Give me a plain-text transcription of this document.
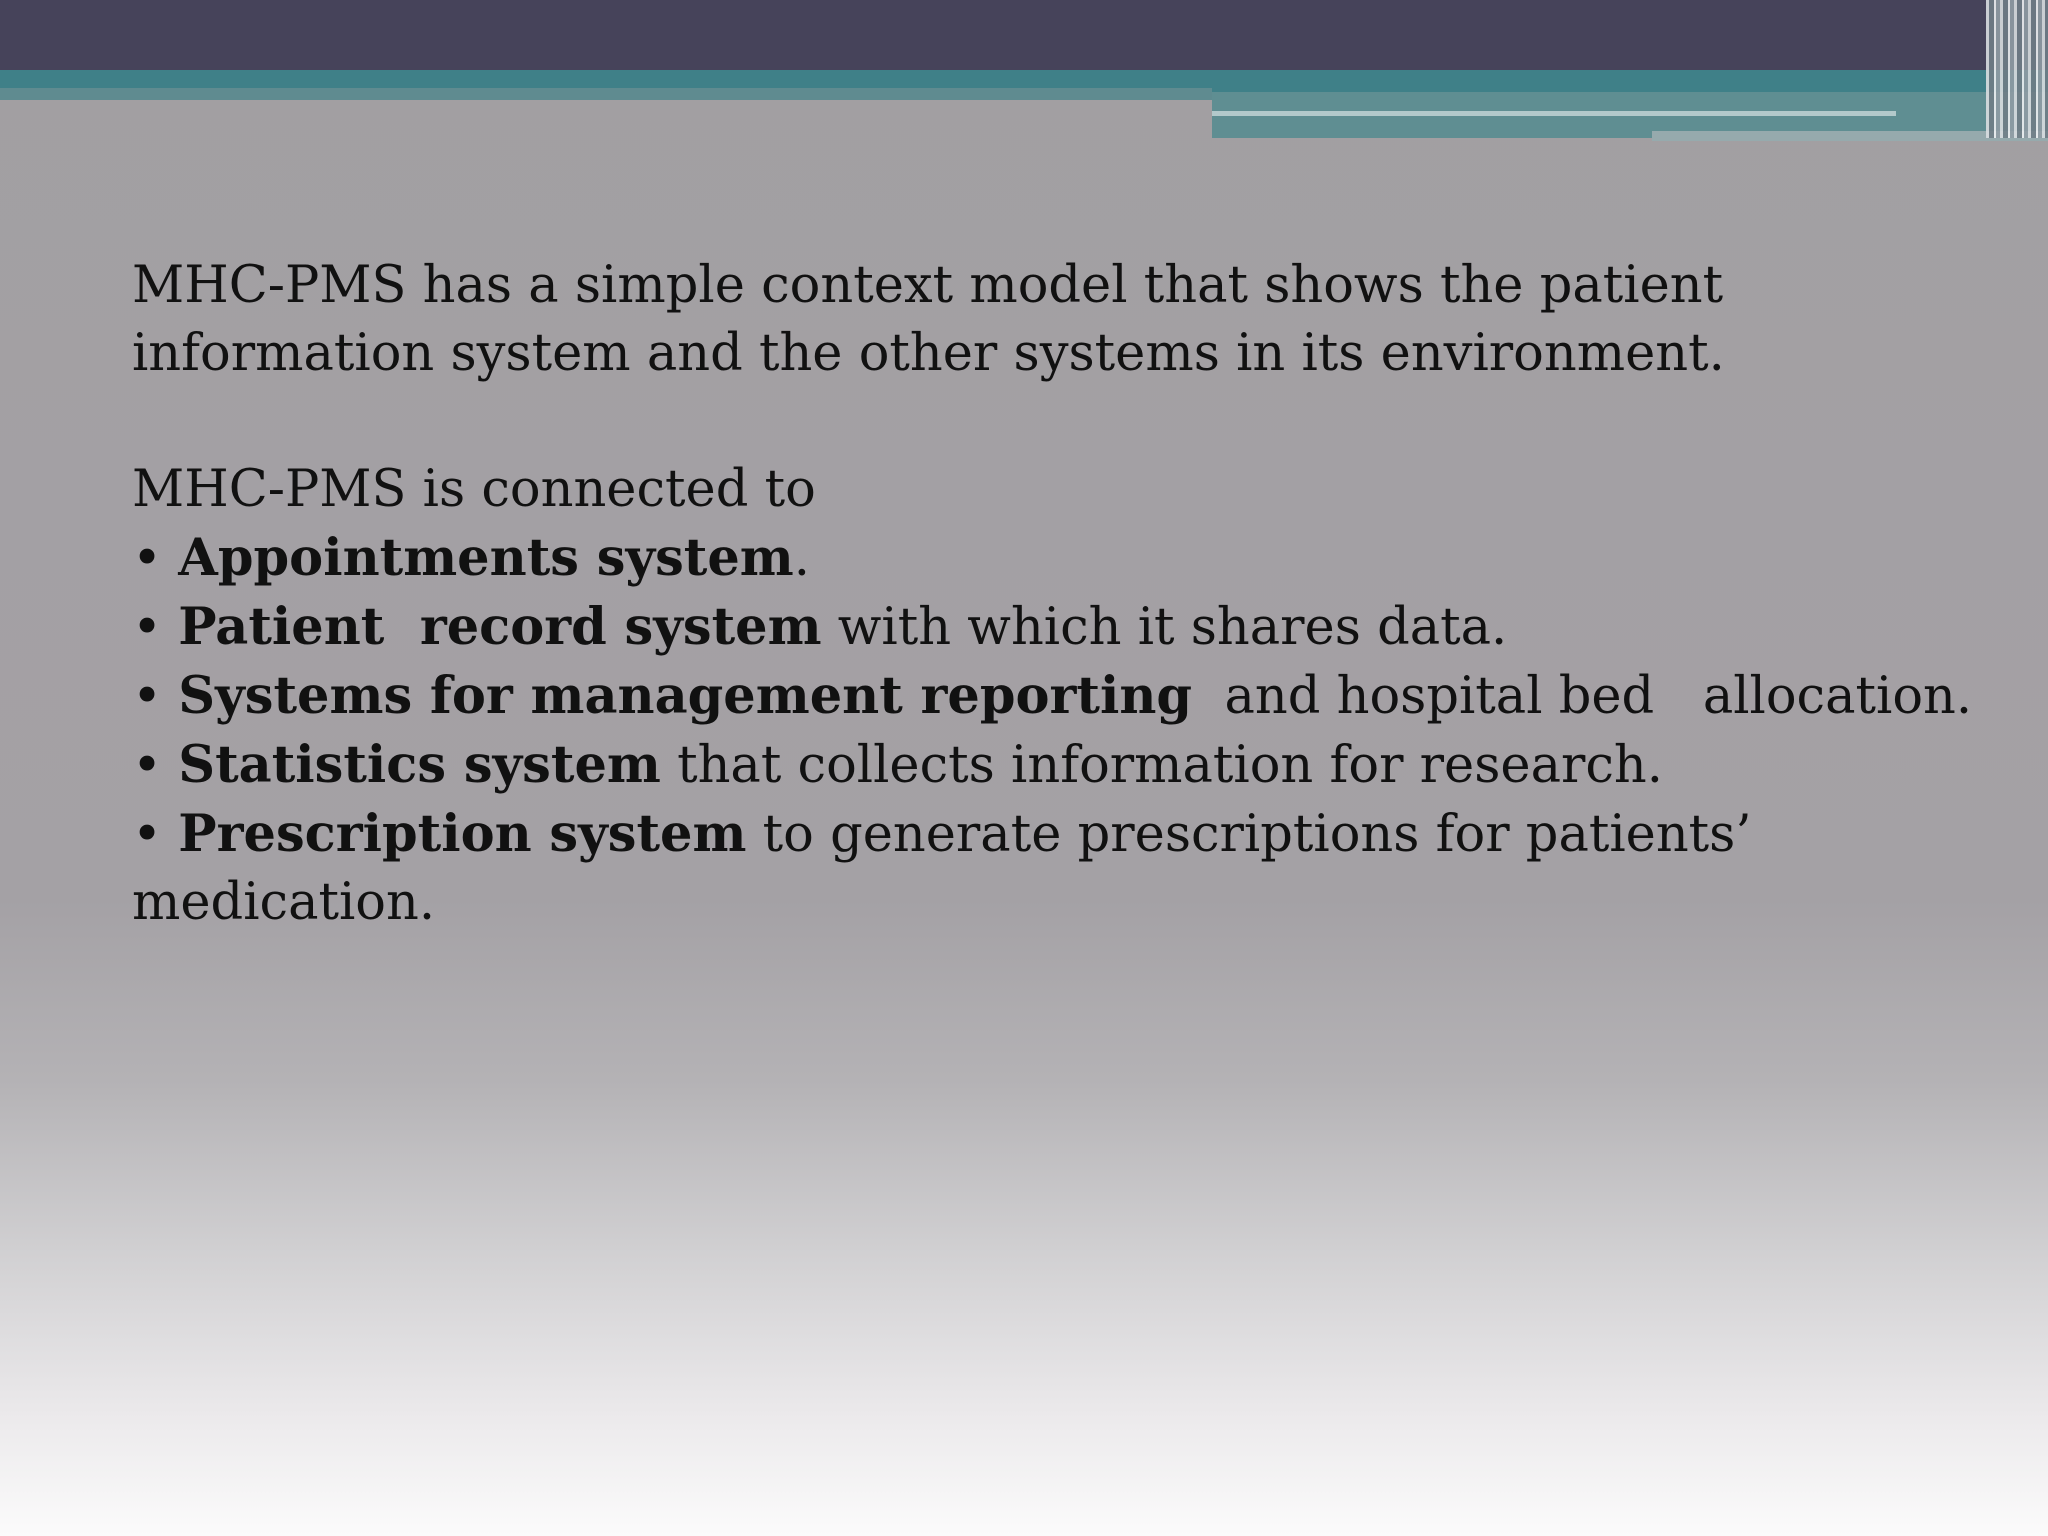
MHC-PMS has a simple context model that shows the patient

information system and the other systems in its environment.

MHC-PMS is connected to

• Appointments system.

• Patient  record system with which it shares data.

• Systems for management reporting  and hospital bed   allocation.

• Statistics system that collects information for research.

• Prescription system to generate prescriptions for patients’

medication.
